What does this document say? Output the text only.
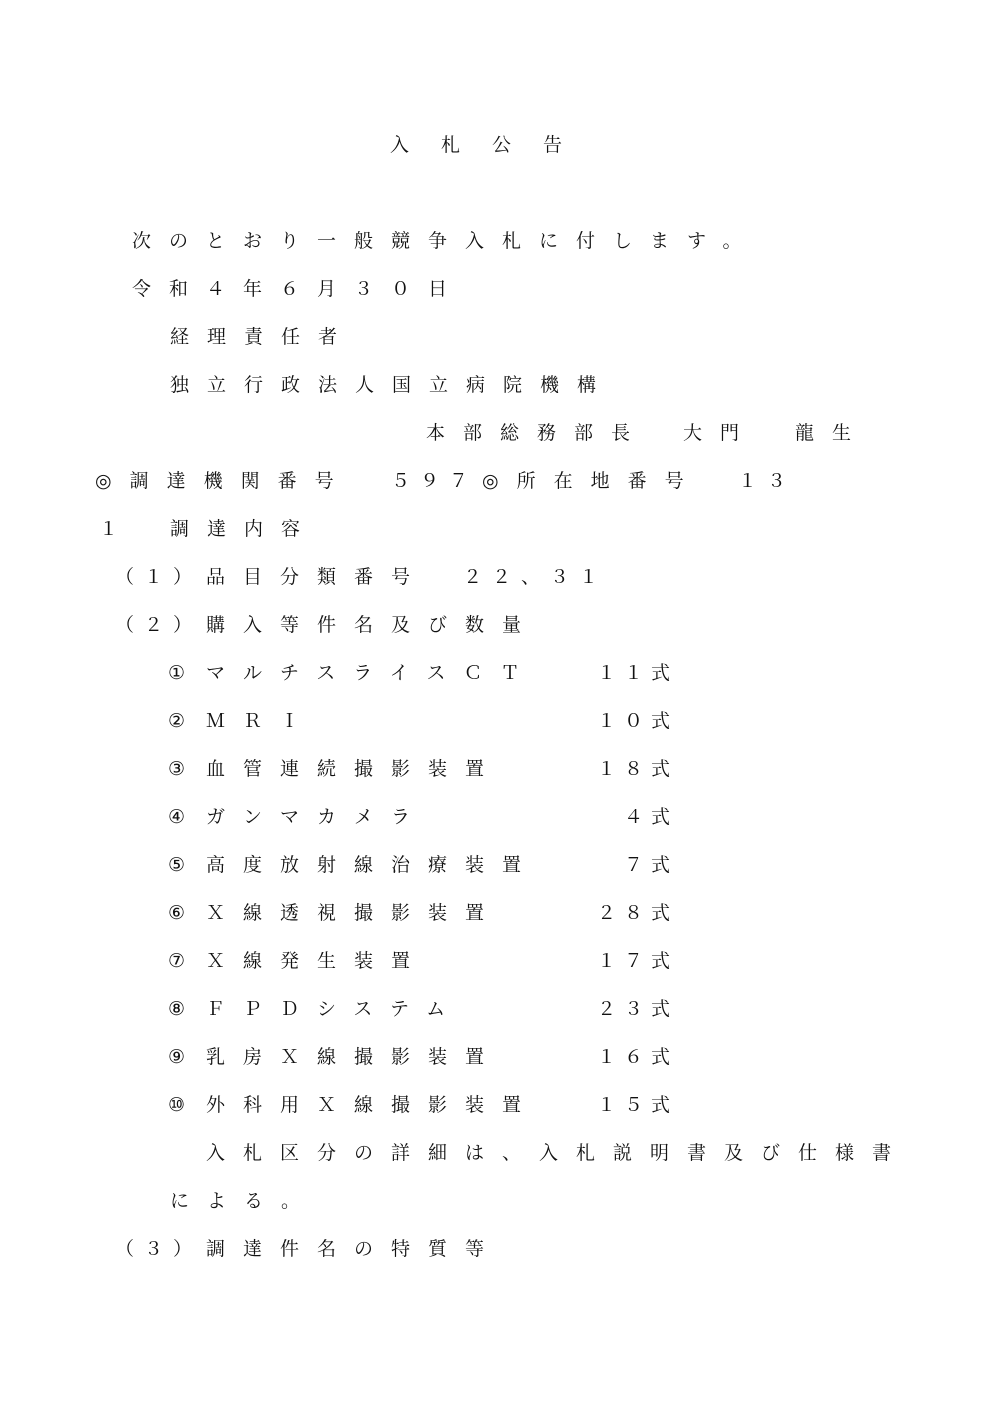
入札公告
次のとおり一般競争入札に付します。
令和４年６月３０日
経理責任者
独立行政法人国立病院機構
本部総務部長 大門 龍生
◎調達機関番号 ５９７ ◎所在地番号 １３
１ 調達内容
（１） 品目分類番号 ２２、３１
（２） 購入等件名及び数量
① マルチスライスＣＴ	１１式
② ＭＲＩ	１０式
③ 血管連続撮影装置	１８式
④ ガンマカメラ	４式
⑤ 高度放射線治療装置	７式
⑥ Ｘ線透視撮影装置	２８式
⑦ Ｘ線発生装置	１７式
⑧ ＦＰＤシステム	２３式
⑨ 乳房Ｘ線撮影装置	１６式
⑩ 外科用Ｘ線撮影装置	１５式
入札区分の詳細は、入札説明書及び仕様書
による。
（３） 調達件名の特質等
